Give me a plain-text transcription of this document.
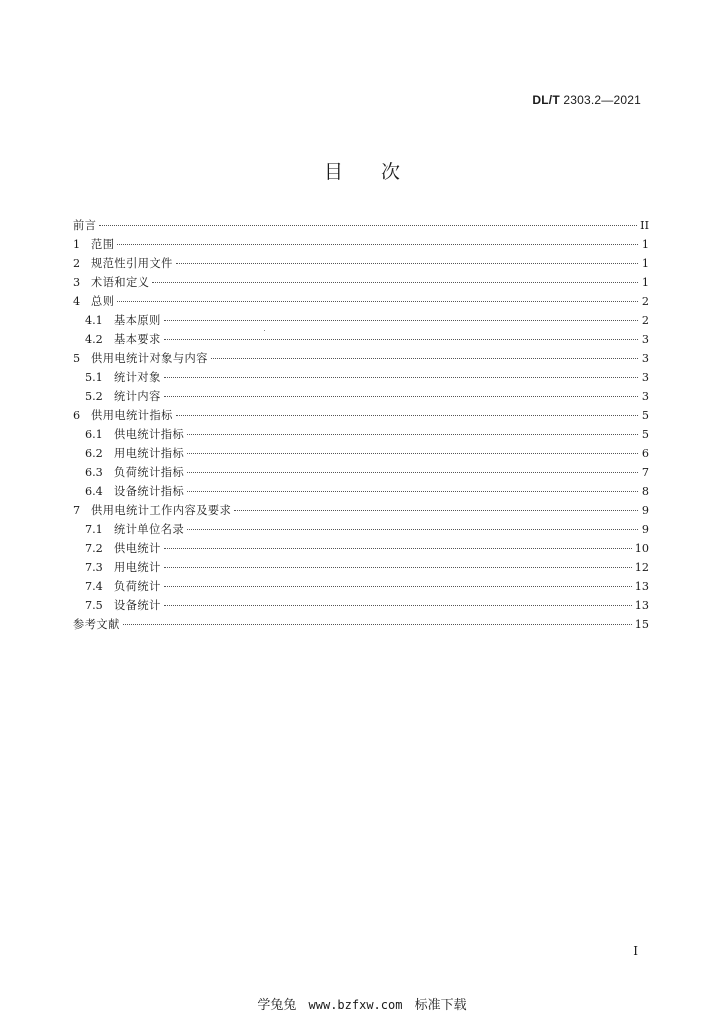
DL/T 2303.2—2021
目次
前言	II
1 范围	1
2 规范性引用文件	1
3 术语和定义	1
4 总则	2
4.1	基本原则	2
4.2	基本要求	3
5 供用电统计对象与内容	3
5.1	统计对象	3
5.2	统计内容	3
6 供用电统计指标	5
6.1	供电统计指标	5
6.2	用电统计指标	6
6.3	负荷统计指标	7
6.4	设备统计指标	8
7 供用电统计工作内容及要求	9
7.1	统计单位名录	9
7.2	供电统计	10
7.3	用电统计	12
7.4	负荷统计	13
7.5	设备统计	13
参考文献	15
I
学兔兔 www.bzfxw.com 标准下载
